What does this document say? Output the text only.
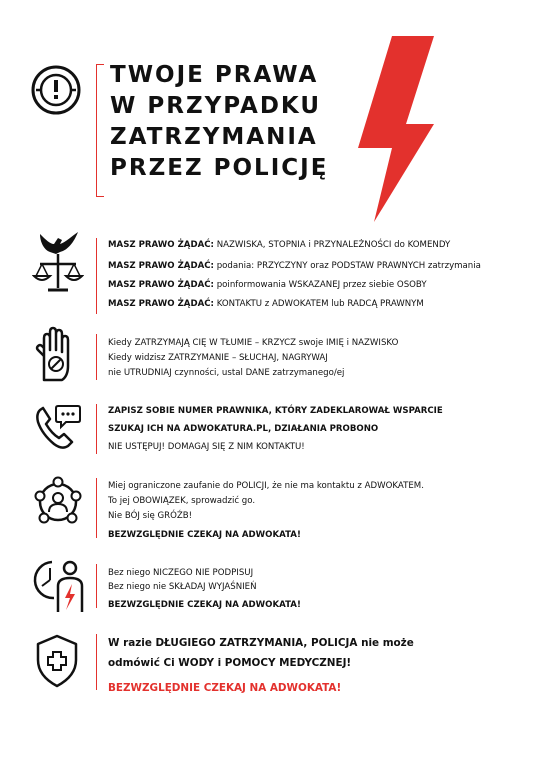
TWOJE PRAWA
W PRZYPADKU
ZATRZYMANIA
PRZEZ POLICJĘ
MASZ PRAWO ŻĄDAĆ: NAZWISKA, STOPNIA i PRZYNALEŻNOŚCI do KOMENDY
MASZ PRAWO ŻĄDAĆ: podania: PRZYCZYNY oraz PODSTAW PRAWNYCH zatrzymania
MASZ PRAWO ŻĄDAĆ: poinformowania WSKAZANEJ przez siebie OSOBY
MASZ PRAWO ŻĄDAĆ: KONTAKTU z ADWOKATEM lub RADCĄ PRAWNYM
Kiedy ZATRZYMAJĄ CIĘ W TŁUMIE – KRZYCZ swoje IMIĘ i NAZWISKO
Kiedy widzisz ZATRZYMANIE – SŁUCHAJ, NAGRYWAJ
nie UTRUDNIAJ czynności, ustal DANE zatrzymanego/ej
ZAPISZ SOBIE NUMER PRAWNIKA, KTÓRY ZADEKLAROWAŁ WSPARCIE
SZUKAJ ICH NA ADWOKATURA.PL, DZIAŁANIA PROBONO
NIE USTĘPUJ! DOMAGAJ SIĘ Z NIM KONTAKTU!
Miej ograniczone zaufanie do POLICJI, że nie ma kontaktu z ADWOKATEM.
To jej OBOWIĄZEK, sprowadzić go.
Nie BÓJ się GRÓŹB!
BEZWZGLĘDNIE CZEKAJ NA ADWOKATA!
Bez niego NICZEGO NIE PODPISUJ
Bez niego nie SKŁADAJ WYJAŚNIEŃ
BEZWZGLĘDNIE CZEKAJ NA ADWOKATA!
W razie DŁUGIEGO ZATRZYMANIA, POLICJA nie może
odmówić Ci WODY i POMOCY MEDYCZNEJ!
BEZWZGLĘDNIE CZEKAJ NA ADWOKATA!
